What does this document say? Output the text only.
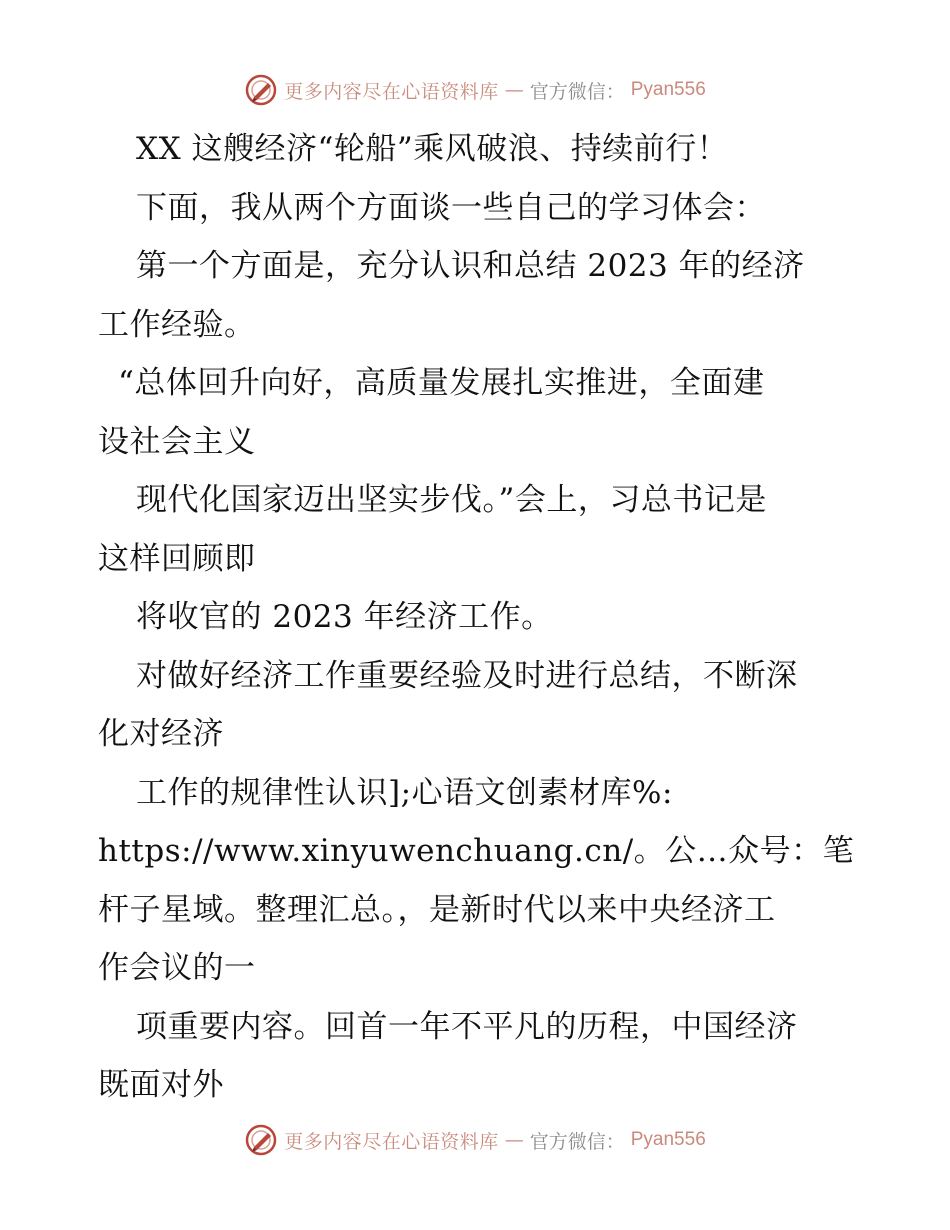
更多内容尽在心语资料库 — 官方微信： Pyan556
XX 这艘经济“轮船”乘风破浪、持续前行！
下面，我从两个方面谈一些自己的学习体会：
第一个方面是，充分认识和总结 2023 年的经济
工作经验。
“总体回升向好，高质量发展扎实推进，全面建
设社会主义
现代化国家迈出坚实步伐。”会上，习总书记是
这样回顾即
将收官的 2023 年经济工作。
对做好经济工作重要经验及时进行总结，不断深
化对经济
工作的规律性认识];心语文创素材库%:
https://www.xinyuwenchuang.cn/。公…众号：笔
杆子星域。整理汇总。，是新时代以来中央经济工
作会议的一
项重要内容。回首一年不平凡的历程，中国经济
既面对外
更多内容尽在心语资料库 — 官方微信： Pyan556
